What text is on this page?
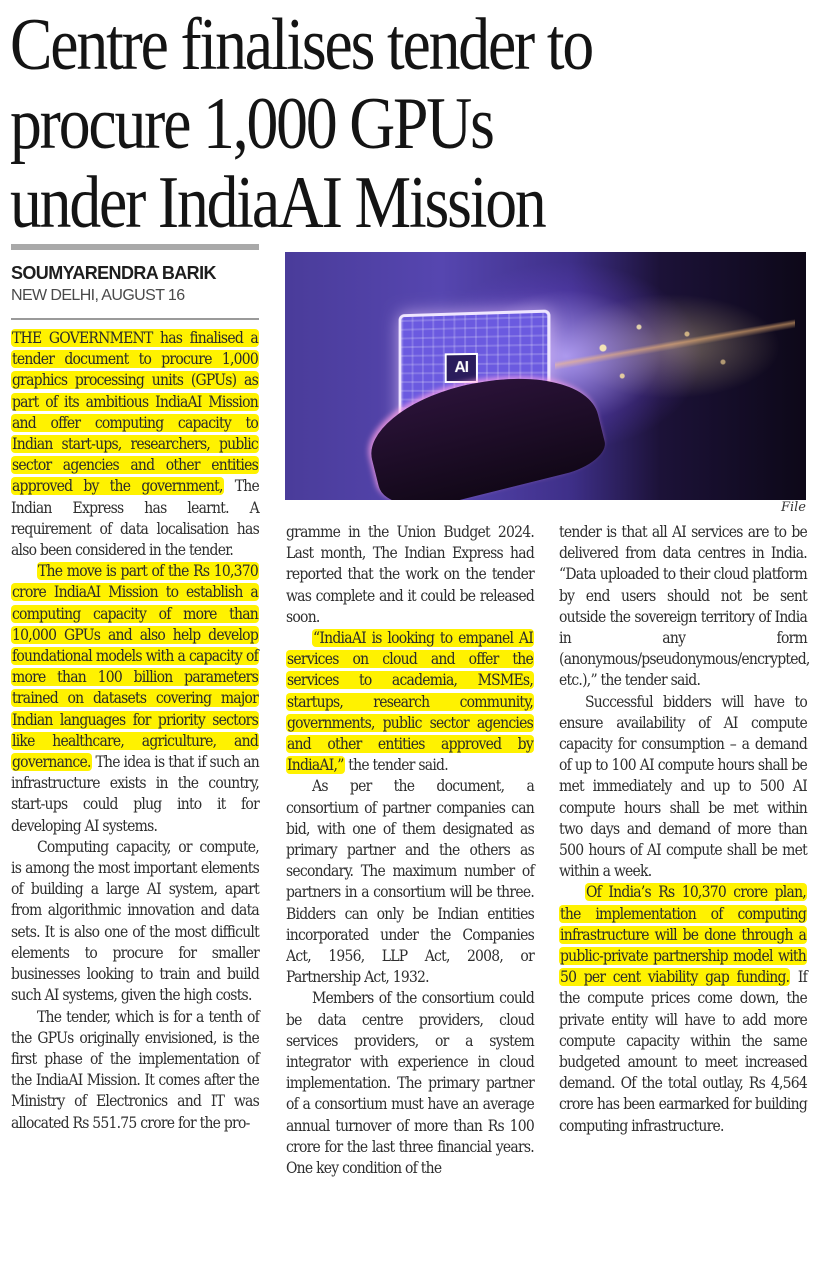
Centre finalises tender to
procure 1,000 GPUs
under IndiaAI Mission
SOUMYARENDRA BARIK
NEW DELHI, AUGUST 16
AI
File

THE GOVERNMENT has finalised a tender document to procure 1,000 graphics processing units (GPUs) as part of its ambitious IndiaAI Mission and offer computing capacity to Indian start-ups, researchers, public sector agencies and other entities approved by the government, The Indian Express has learnt. A requirement of data localisation has also been considered in the tender.

The move is part of the Rs 10,370 crore IndiaAI Mission to establish a computing capacity of more than 10,000 GPUs and also help develop foundational models with a capacity of more than 100 billion parameters trained on datasets covering major Indian languages for priority sectors like healthcare, agriculture, and governance. The idea is that if such an infrastructure exists in the country, start-ups could plug into it for developing AI systems.

Computing capacity, or compute, is among the most important elements of building a large AI system, apart from algorithmic innovation and data sets. It is also one of the most difficult elements to procure for smaller businesses looking to train and build such AI systems, given the high costs.

The tender, which is for a tenth of the GPUs originally envisioned, is the first phase of the implementation of the IndiaAI Mission. It comes after the Ministry of Electronics and IT was allocated Rs 551.75 crore for the pro-

gramme in the Union Budget 2024. Last month, The Indian Express had reported that the work on the tender was complete and it could be released soon.

“IndiaAI is looking to empanel AI services on cloud and offer the services to academia, MSMEs, startups, research community, governments, public sector agencies and other entities approved by IndiaAI,” the tender said.

As per the document, a consortium of partner companies can bid, with one of them designated as primary partner and the others as secondary. The maximum number of partners in a consortium will be three. Bidders can only be Indian entities incorporated under the Companies Act, 1956, LLP Act, 2008, or Partnership Act, 1932.

Members of the consortium could be data centre providers, cloud services providers, or a system integrator with experience in cloud implementation. The primary partner of a consortium must have an average annual turnover of more than Rs 100 crore for the last three financial years. One key condition of the

tender is that all AI services are to be delivered from data centres in India. “Data uploaded to their cloud platform by end users should not be sent outside the sovereign territory of India in any form (anonymous/pseudonymous/encrypted, etc.),” the tender said.

Successful bidders will have to ensure availability of AI compute capacity for consumption – a demand of up to 100 AI compute hours shall be met immediately and up to 500 AI compute hours shall be met within two days and demand of more than 500 hours of AI compute shall be met within a week.

Of India’s Rs 10,370 crore plan, the implementation of computing infrastructure will be done through a public-private partnership model with 50 per cent viability gap funding. If the compute prices come down, the private entity will have to add more compute capacity within the same budgeted amount to meet increased demand. Of the total outlay, Rs 4,564 crore has been earmarked for building computing infrastructure.
